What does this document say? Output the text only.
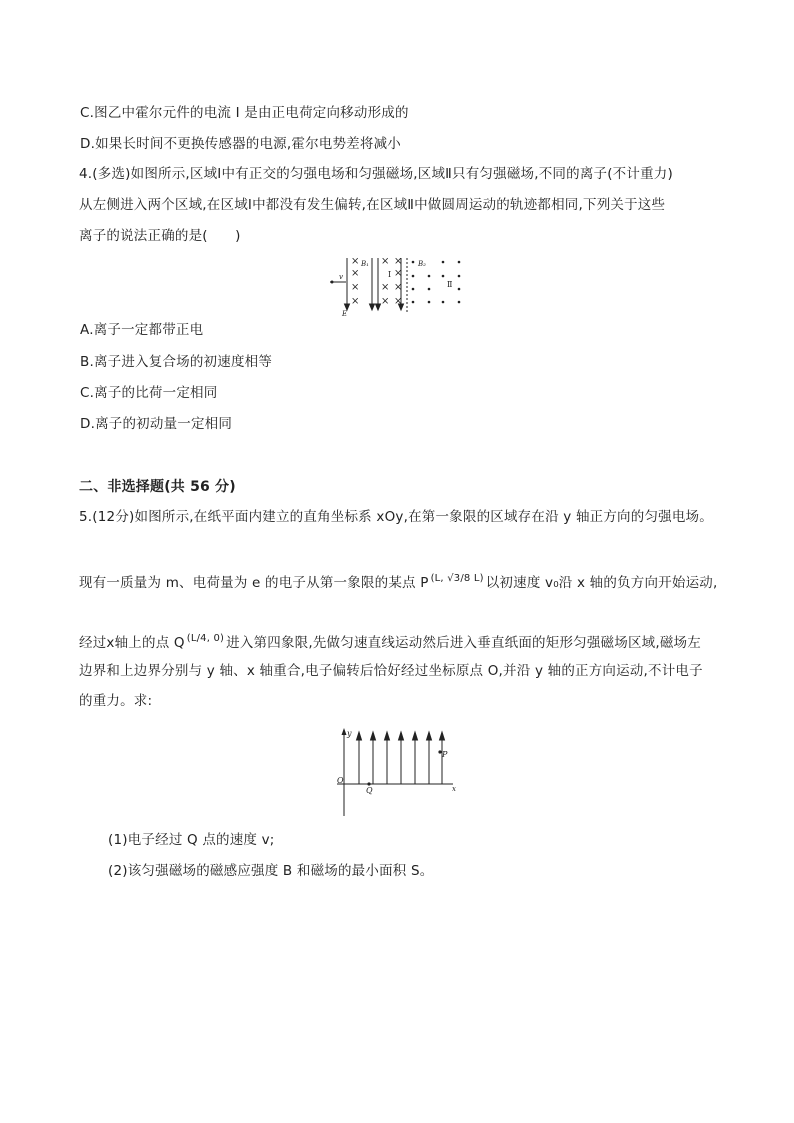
C.图乙中霍尔元件的电流 I 是由正电荷定向移动形成的
D.如果长时间不更换传感器的电源,霍尔电势差将减小
4.(多选)如图所示,区域Ⅰ中有正交的匀强电场和匀强磁场,区域Ⅱ只有匀强磁场,不同的离子(不计重力)
从左侧进入两个区域,在区域Ⅰ中都没有发生偏转,在区域Ⅱ中做圆周运动的轨迹都相同,下列关于这些
离子的说法正确的是(　　)
v
×
×
×
×
×
×
×
×
×
×
×
B₁
Ⅰ
E
B₂
Ⅱ
A.离子一定都带正电
B.离子进入复合场的初速度相等
C.离子的比荷一定相同
D.离子的初动量一定相同
二、非选择题(共 56 分)
5.(12分)如图所示,在纸平面内建立的直角坐标系 xOy,在第一象限的区域存在沿 y 轴正方向的匀强电场。
现有一质量为 m、电荷量为 e 的电子从第一象限的某点 P (L, √3/8 L) 以初速度 v₀沿 x 轴的负方向开始运动,
经过x轴上的点 Q (L/4, 0) 进入第四象限,先做匀速直线运动然后进入垂直纸面的矩形匀强磁场区域,磁场左
边界和上边界分别与 y 轴、x 轴重合,电子偏转后恰好经过坐标原点 O,并沿 y 轴的正方向运动,不计电子
的重力。求:
y
x
O
Q
P
(1)电子经过 Q 点的速度 v;
(2)该匀强磁场的磁感应强度 B 和磁场的最小面积 S。
